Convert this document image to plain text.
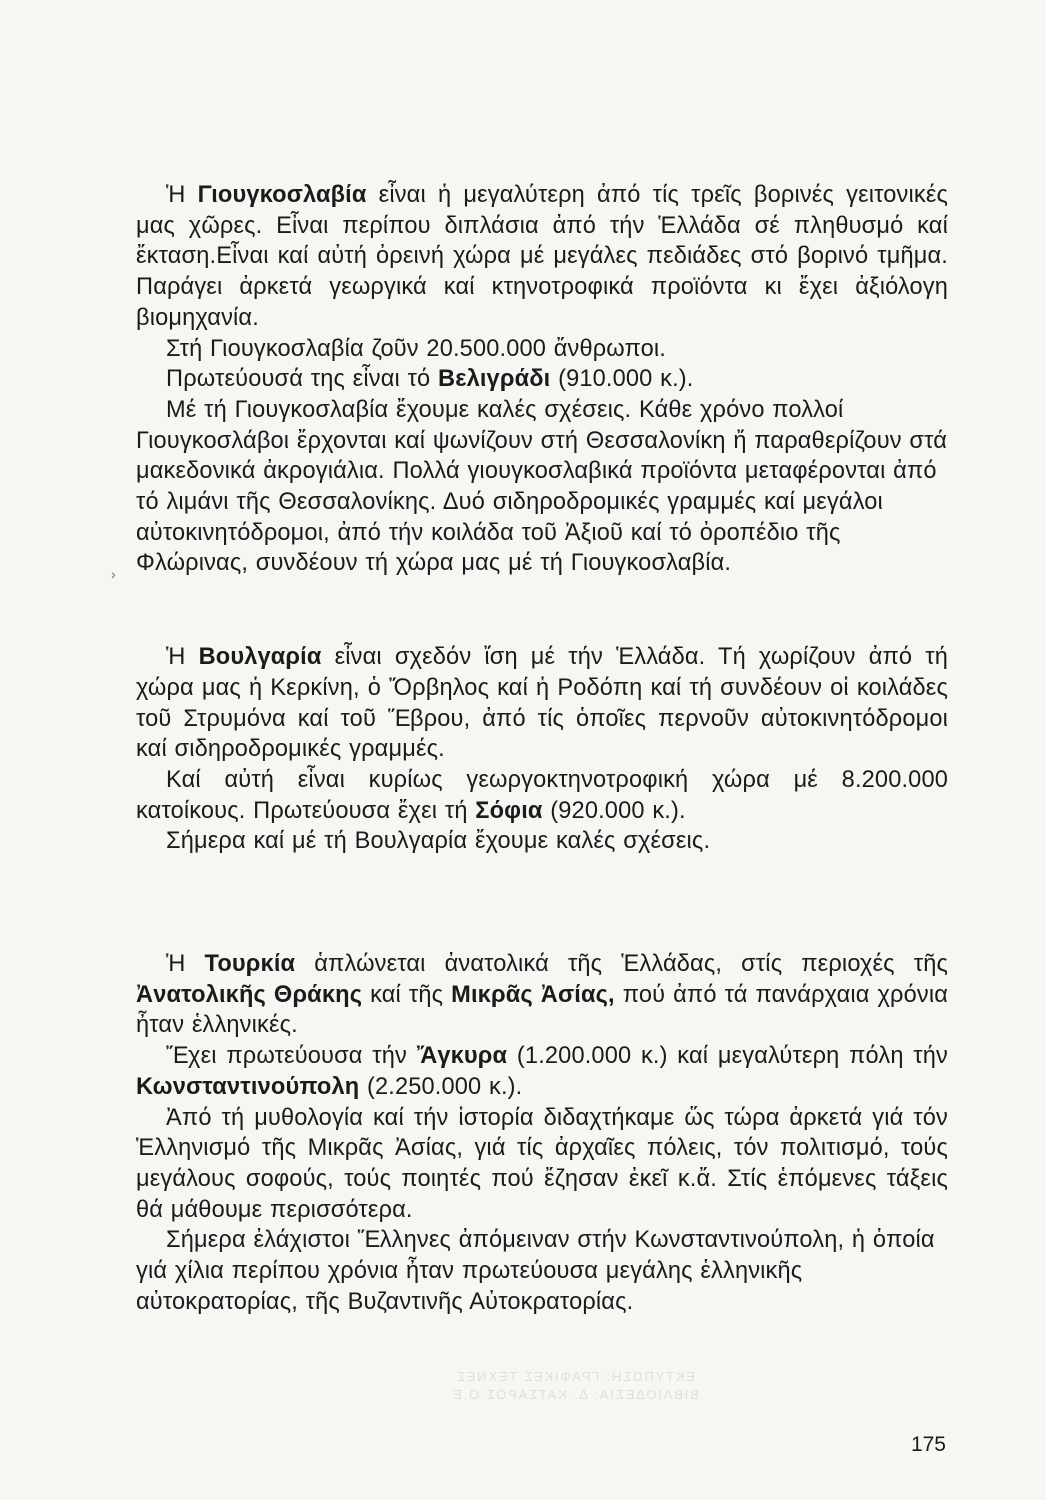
Ἡ Γιουγκοσλαβία εἶναι ἡ μεγαλύτερη ἀπό τίς τρεῖς βορινές γειτονικές μας χῶρες. Εἶναι περίπου διπλάσια ἀπό τήν Ἑλλάδα σέ πληθυσμό καί ἔκταση.Εἶναι καί αὐτή ὀρεινή χώρα μέ μεγάλες πεδιάδες στό βορινό τμῆμα. Παράγει ἀρκετά γεωργικά καί κτηνοτροφικά προϊόντα κι ἔχει ἀξιόλογη βιομηχανία.

Στή Γιουγκοσλαβία ζοῦν 20.500.000 ἄνθρωποι.

Πρωτεύουσά της εἶναι τό Βελιγράδι (910.000 κ.).

Μέ τή Γιουγκοσλαβία ἔχουμε καλές σχέσεις. Κάθε χρόνο πολλοί Γιουγκοσλάβοι ἔρχονται καί ψωνίζουν στή Θεσσαλονίκη ἤ παραθερίζουν στά μακεδονικά ἀκρογιάλια. Πολλά γιουγκοσλαβικά προϊόντα μεταφέρονται ἀπό τό λιμάνι τῆς Θεσσαλονίκης. Δυό σιδηροδρομικές γραμμές καί μεγάλοι αὐτοκινητόδρομοι, ἀπό τήν κοιλάδα τοῦ Ἀξιοῦ καί τό ὀροπέδιο τῆς Φλώρινας, συνδέουν τή χώρα μας μέ τή Γιουγκοσλαβία.

Ἡ Βουλγαρία εἶναι σχεδόν ἴση μέ τήν Ἑλλάδα. Τή χωρίζουν ἀπό τή χώρα μας ἡ Κερκίνη, ὁ Ὄρβηλος καί ἡ Ροδόπη καί τή συνδέουν οἱ κοιλάδες τοῦ Στρυμόνα καί τοῦ Ἕβρου, ἀπό τίς ὁποῖες περνοῦν αὐτοκινητόδρομοι καί σιδηροδρομικές γραμμές.

Καί αὐτή εἶναι κυρίως γεωργοκτηνοτροφική χώρα μέ 8.200.000 κατοίκους. Πρωτεύουσα ἔχει τή Σόφια (920.000 κ.).

Σήμερα καί μέ τή Βουλγαρία ἔχουμε καλές σχέσεις.

Ἡ Τουρκία ἁπλώνεται ἀνατολικά τῆς Ἑλλάδας, στίς περιοχές τῆς Ἀνατολικῆς Θράκης καί τῆς Μικρᾶς Ἀσίας, πού ἀπό τά πανάρχαια χρόνια ἦταν ἑλληνικές.

Ἔχει πρωτεύουσα τήν Ἄγκυρα (1.200.000 κ.) καί μεγαλύτερη πόλη τήν Κωνσταντινούπολη (2.250.000 κ.).

Ἀπό τή μυθολογία καί τήν ἱστορία διδαχτήκαμε ὥς τώρα ἀρκετά γιά τόν Ἑλληνισμό τῆς Μικρᾶς Ἀσίας, γιά τίς ἀρχαῖες πόλεις, τόν πολιτισμό, τούς μεγάλους σοφούς, τούς ποιητές πού ἔζησαν ἐκεῖ κ.ἄ. Στίς ἑπόμενες τάξεις θά μάθουμε περισσότερα.

Σήμερα ἐλάχιστοι Ἕλληνες ἀπόμειναν στήν Κωνσταντινούπολη, ἡ ὁποία γιά χίλια περίπου χρόνια ἦταν πρωτεύουσα μεγάλης ἑλληνικῆς αὐτοκρατορίας, τῆς Βυζαντινῆς Αὐτοκρατορίας.

›
ΕΚΤΥΠΩΣΗ: ΓΡΑΦΙΚΕΣ ΤΕΧΝΕΣ
ΒΙΒΛΙΟΔΕΣΙΑ: Δ. ΚΑΤΣΑΡΟΣ Ο.Ε
175
